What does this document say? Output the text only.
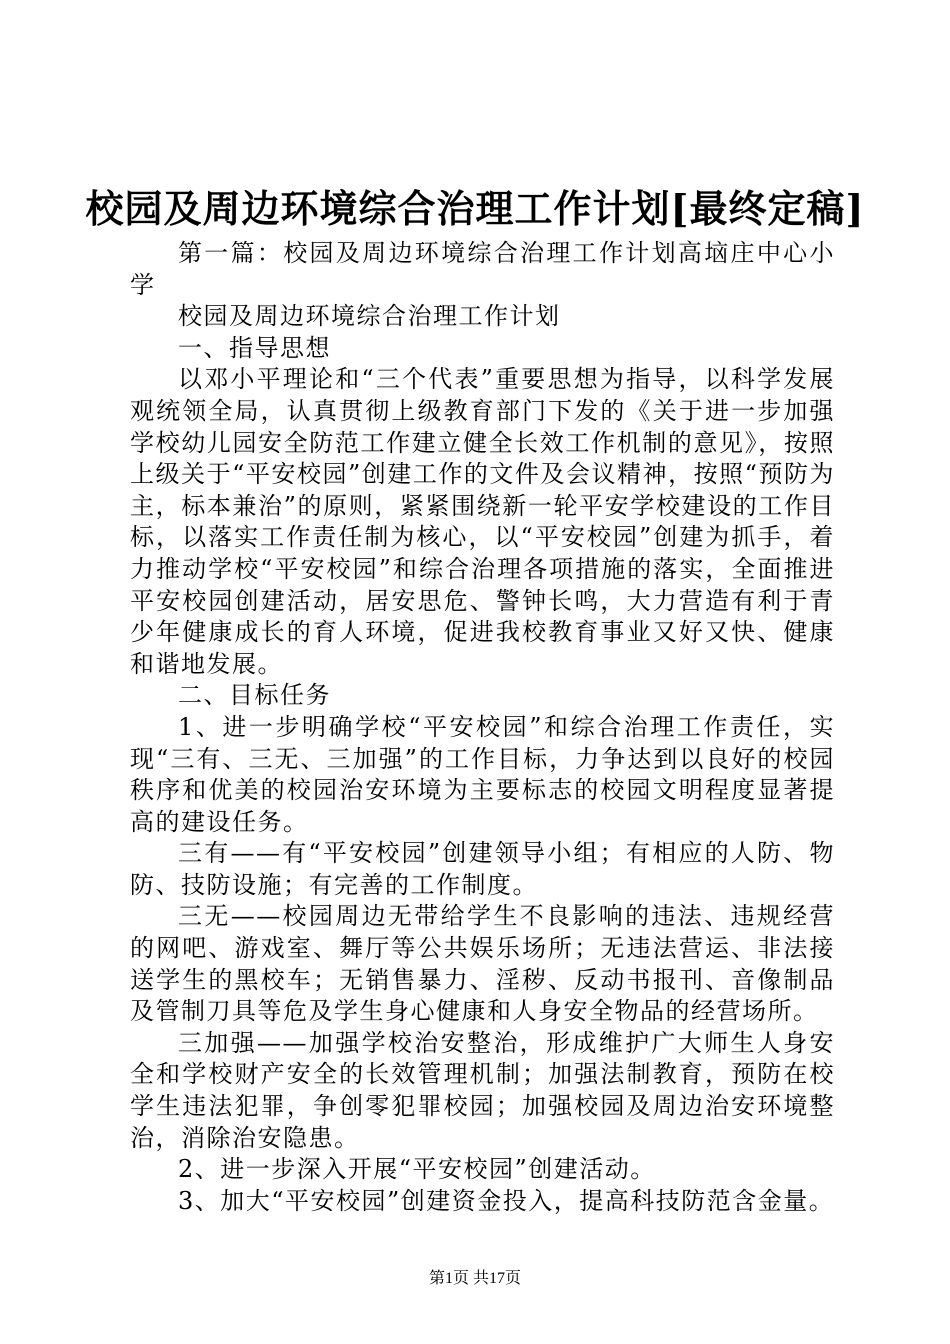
校园及周边环境综合治理工作计划[最终定稿]

第一篇：校园及周边环境综合治理工作计划高垴庄中心小学

校园及周边环境综合治理工作计划

一、指导思想

以邓小平理论和“三个代表”重要思想为指导，以科学发展观统领全局，认真贯彻上级教育部门下发的《关于进一步加强学校幼儿园安全防范工作建立健全长效工作机制的意见》，按照上级关于“平安校园”创建工作的文件及会议精神，按照“预防为主，标本兼治”的原则，紧紧围绕新一轮平安学校建设的工作目标，以落实工作责任制为核心，以“平安校园”创建为抓手，着力推动学校“平安校园”和综合治理各项措施的落实，全面推进平安校园创建活动，居安思危、警钟长鸣，大力营造有利于青少年健康成长的育人环境，促进我校教育事业又好又快、健康和谐地发展。

二、目标任务

1、进一步明确学校“平安校园”和综合治理工作责任，实现“三有、三无、三加强”的工作目标，力争达到以良好的校园秩序和优美的校园治安环境为主要标志的校园文明程度显著提高的建设任务。

三有——有“平安校园”创建领导小组；有相应的人防、物防、技防设施；有完善的工作制度。

三无——校园周边无带给学生不良影响的违法、违规经营的网吧、游戏室、舞厅等公共娱乐场所；无违法营运、非法接送学生的黑校车；无销售暴力、淫秽、反动书报刊、音像制品及管制刀具等危及学生身心健康和人身安全物品的经营场所。

三加强——加强学校治安整治，形成维护广大师生人身安全和学校财产安全的长效管理机制；加强法制教育，预防在校学生违法犯罪，争创零犯罪校园；加强校园及周边治安环境整治，消除治安隐患。

2、进一步深入开展“平安校园”创建活动。

3、加大“平安校园”创建资金投入，提高科技防范含金量。

第1页 共17页
